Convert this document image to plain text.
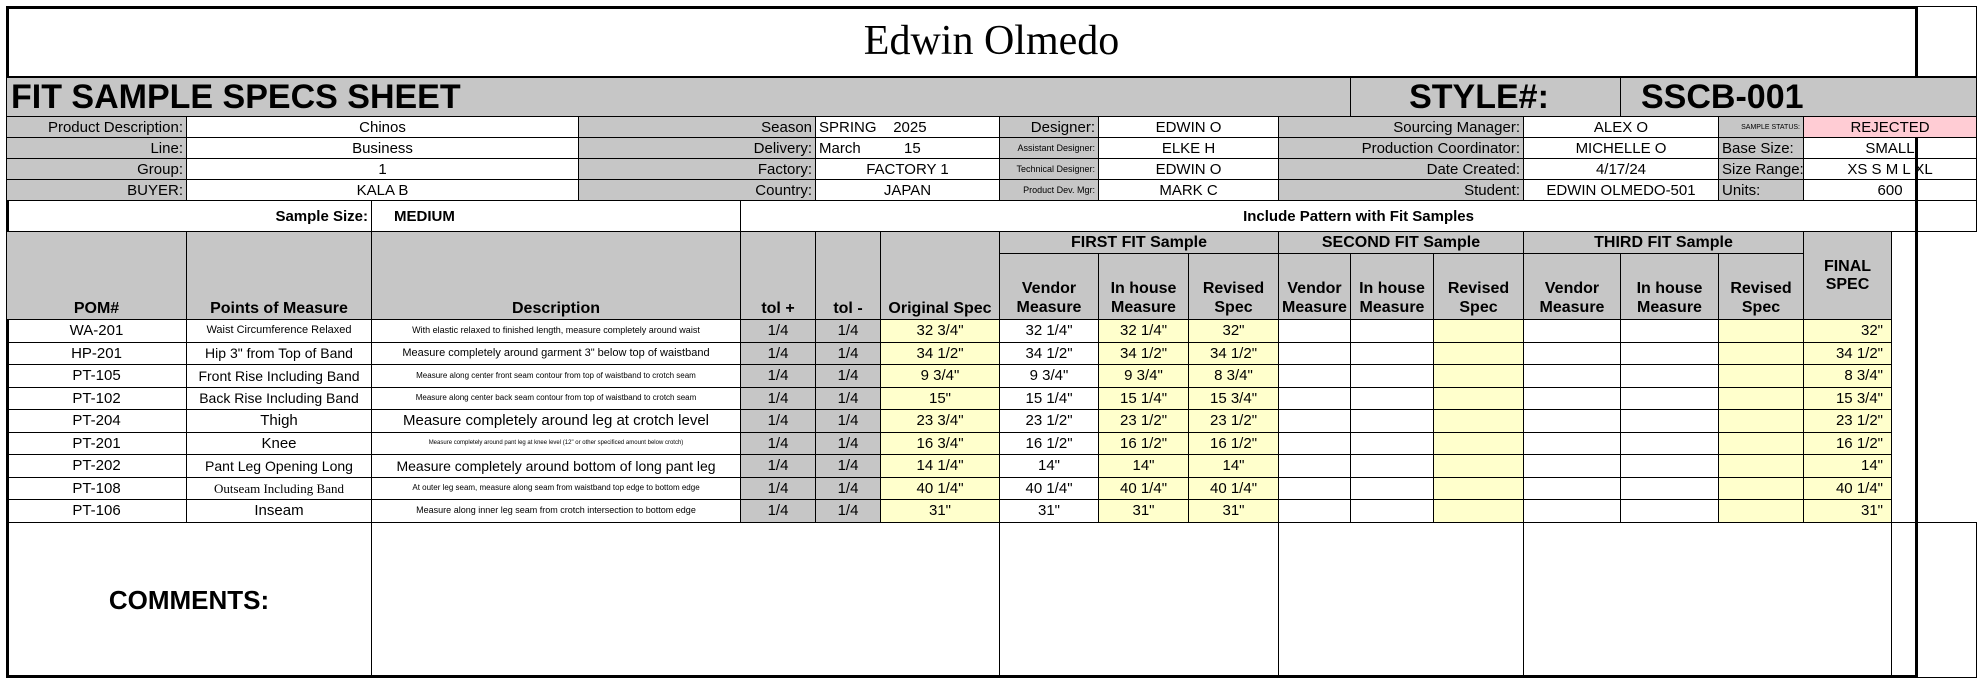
Edwin Olmedo																	
FIT SAMPLE SPECS SHEET											STYLE#:			SSCB-001			
Product Description:	Chinos		Season		SPRING 2025		Designer:	EDWIN O		Sourcing Manager:			ALEX O		SAMPLE STATUS:	REJECTED	
Line:	Business		Delivery:		March 15		Assistant Designer:	ELKE H		Production Coordinator:			MICHELLE O		Base Size:	SMALL	
Group:	1		Factory:		FACTORY 1		Technical Designer:	EDWIN O		Date Created:			4/17/24		Size Range:	XS S M L XL	
BUYER:	KALA B		Country:		JAPAN		Product Dev. Mgr:	MARK C		Student:			EDWIN OLMEDO-501		Units:	600	
Sample Size:		MEDIUM		Include Pattern with Fit Samples													
POM#	Points of Measure	Description		tol +	tol -	Original Spec	FIRST FIT Sample			SECOND FIT Sample			THIRD FIT Sample			FINAL SPEC	
							Vendor Measure	In house Measure	Revised Spec	Vendor Measure	In house Measure	Revised Spec	Vendor Measure	In house Measure	Revised Spec		
WA-201	Waist Circumference Relaxed	With elastic relaxed to finished length, measure completely around waist		1/4	1/4	32 3/4"	32 1/4"	32 1/4"	32"							32"	
HP-201	Hip 3" from Top of Band	Measure completely around garment 3" below top of waistband		1/4	1/4	34 1/2"	34 1/2"	34 1/2"	34 1/2"							34 1/2"	
PT-105	Front Rise Including Band	Measure along center front seam contour from top of waistband to crotch seam		1/4	1/4	9 3/4"	9 3/4"	9 3/4"	8 3/4"							8 3/4"	
PT-102	Back Rise Including Band	Measure along center back seam contour from top of waistband to crotch seam		1/4	1/4	15"	15 1/4"	15 1/4"	15 3/4"							15 3/4"	
PT-204	Thigh	Measure completely around leg at crotch level		1/4	1/4	23 3/4"	23 1/2"	23 1/2"	23 1/2"							23 1/2"	
PT-201	Knee	Measure completely around pant leg at knee level (12" or other specificed amount below crotch)		1/4	1/4	16 3/4"	16 1/2"	16 1/2"	16 1/2"							16 1/2"	
PT-202	Pant Leg Opening Long	Measure completely around bottom of long pant leg		1/4	1/4	14 1/4"	14"	14"	14"							14"	
PT-108	Outseam Including Band	At outer leg seam, measure along seam from waistband top edge to bottom edge		1/4	1/4	40 1/4"	40 1/4"	40 1/4"	40 1/4"							40 1/4"	
PT-106	Inseam	Measure along inner leg seam from crotch intersection to bottom edge		1/4	1/4	31"	31"	31"	31"							31"	
COMMENTS:																	
